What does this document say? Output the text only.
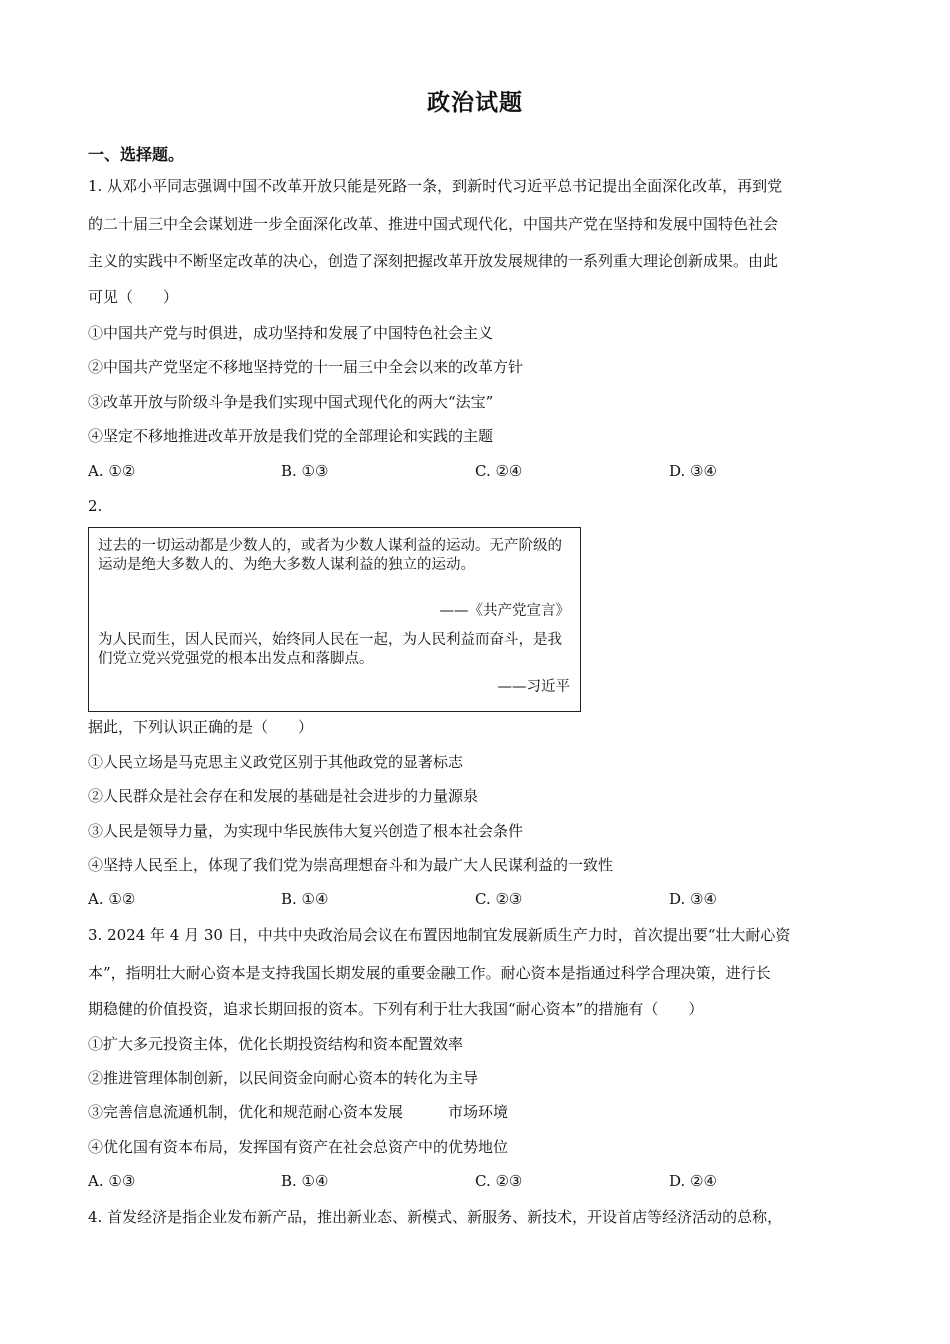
政治试题
一、选择题。
1. 从邓小平同志强调中国不改革开放只能是死路一条，到新时代习近平总书记提出全面深化改革，再到党
的二十届三中全会谋划进一步全面深化改革、推进中国式现代化，中国共产党在坚持和发展中国特色社会
主义的实践中不断坚定改革的决心，创造了深刻把握改革开放发展规律的一系列重大理论创新成果。由此
可见（　　）
①中国共产党与时俱进，成功坚持和发展了中国特色社会主义
②中国共产党坚定不移地坚持党的十一届三中全会以来的改革方针
③改革开放与阶级斗争是我们实现中国式现代化的两大“法宝”
④坚定不移地推进改革开放是我们党的全部理论和实践的主题
A. ①②	B. ①③	C. ②④	D. ③④
2.
过去的一切运动都是少数人的，或者为少数人谋利益的运动。无产阶级的运动是绝大多数人的、为绝大多数人谋利益的独立的运动。
——《共产党宣言》
为人民而生，因人民而兴，始终同人民在一起，为人民利益而奋斗，是我们党立党兴党强党的根本出发点和落脚点。
——习近平
据此，下列认识正确的是（　　）
①人民立场是马克思主义政党区别于其他政党的显著标志
②人民群众是社会存在和发展的基础是社会进步的力量源泉
③人民是领导力量，为实现中华民族伟大复兴创造了根本社会条件
④坚持人民至上，体现了我们党为崇高理想奋斗和为最广大人民谋利益的一致性
A. ①②	B. ①④	C. ②③	D. ③④
3. 2024 年 4 月 30 日，中共中央政治局会议在布置因地制宜发展新质生产力时，首次提出要“壮大耐心资
本”，指明壮大耐心资本是支持我国长期发展的重要金融工作。耐心资本是指通过科学合理决策，进行长
期稳健的价值投资，追求长期回报的资本。下列有利于壮大我国“耐心资本”的措施有（　　）
①扩大多元投资主体，优化长期投资结构和资本配置效率
②推进管理体制创新，以民间资金向耐心资本的转化为主导
③完善信息流通机制，优化和规范耐心资本发展　　　市场环境
④优化国有资本布局，发挥国有资产在社会总资产中的优势地位
A. ①③	B. ①④	C. ②③	D. ②④
4. 首发经济是指企业发布新产品，推出新业态、新模式、新服务、新技术，开设首店等经济活动的总称，
